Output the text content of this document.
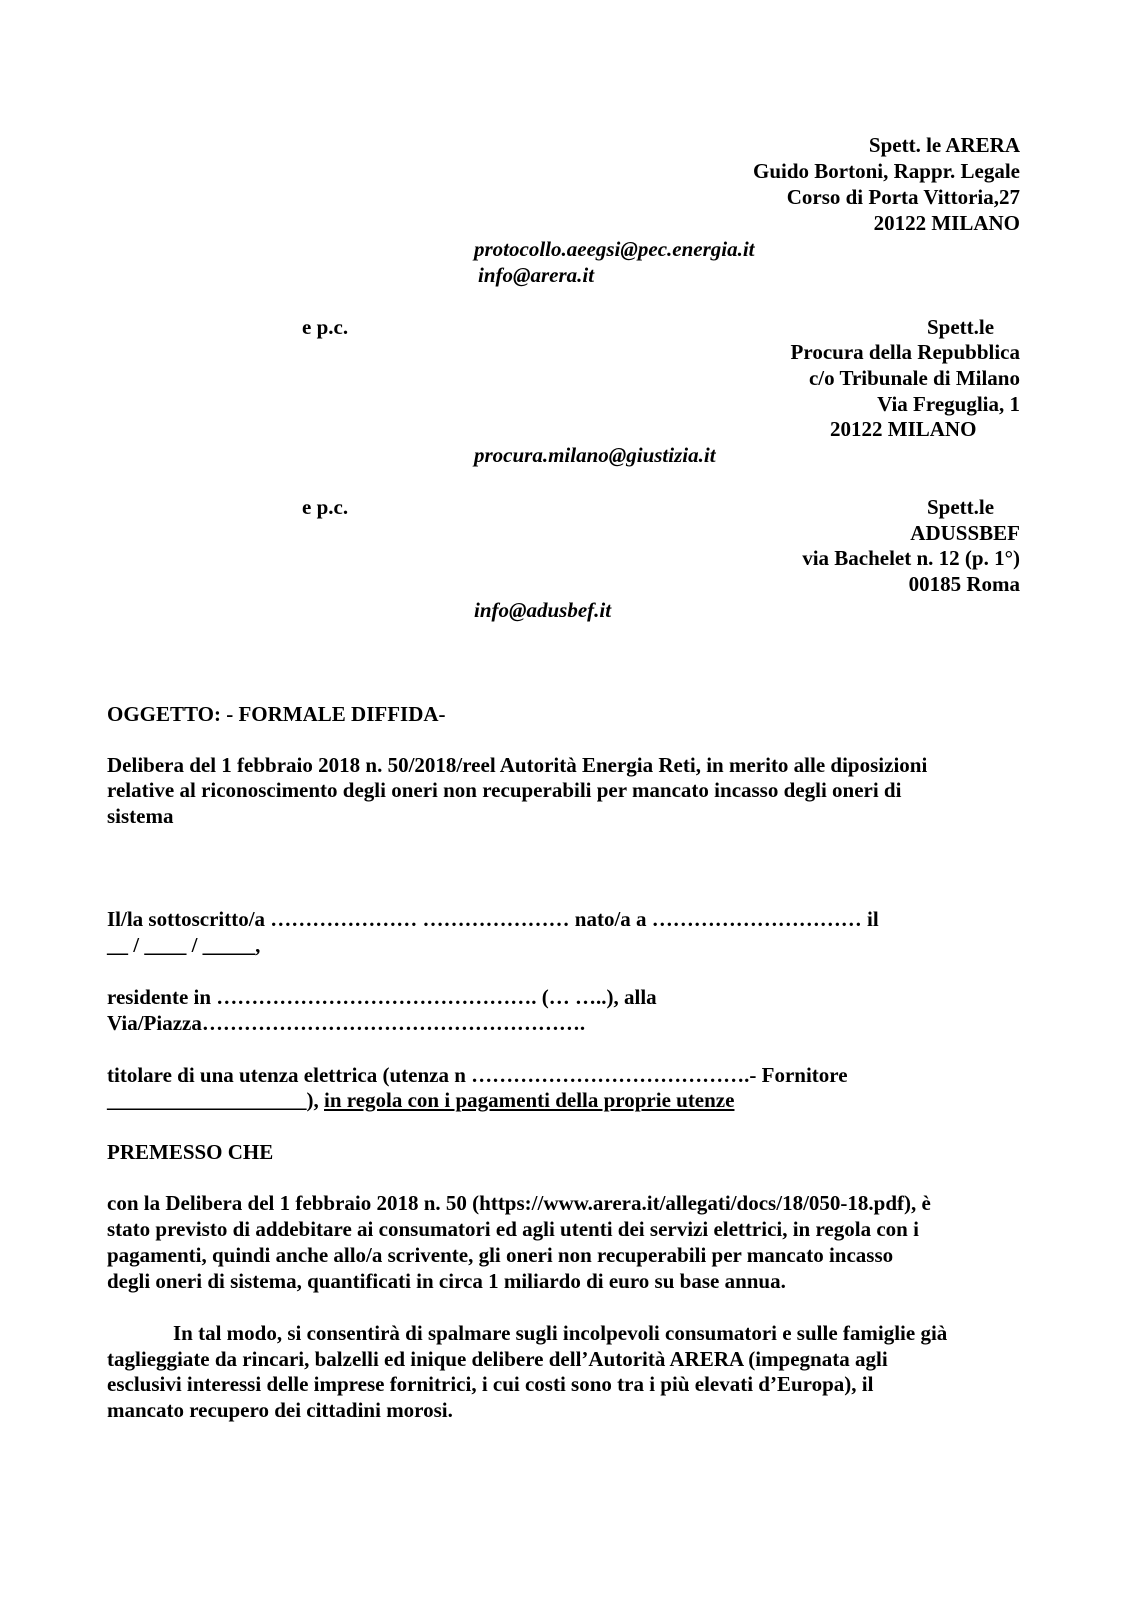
Spett. le ARERA
Guido Bortoni, Rappr. Legale
Corso di Porta Vittoria,27
20122 MILANO
protocollo.aeegsi@pec.energia.it
info@arera.it
e p.c.	Spett.le
Procura della Repubblica
c/o Tribunale di Milano
Via Freguglia, 1
20122 MILANO
procura.milano@giustizia.it
e p.c.	Spett.le
ADUSSBEF
via Bachelet n. 12 (p. 1°)
00185 Roma
info@adusbef.it
OGGETTO: - FORMALE DIFFIDA-
Delibera del 1 febbraio 2018 n. 50/2018/reel Autorità Energia Reti, in merito alle diposizioni
relative al riconoscimento degli oneri non recuperabili per mancato incasso degli oneri di
sistema
Il/la sottoscritto/a ………………… ………………… nato/a a ………………………… il
__ / ____ / _____,
residente in ………………………………………. (… …..), alla
Via/Piazza……………………………………………….
titolare di una utenza elettrica (utenza n ………………………………….- Fornitore
___________________), in regola con i pagamenti della proprie utenze
PREMESSO CHE
con la Delibera del 1 febbraio 2018 n. 50 (https://www.arera.it/allegati/docs/18/050-18.pdf), è
stato previsto di addebitare ai consumatori ed agli utenti dei servizi elettrici, in regola con i
pagamenti, quindi anche allo/a scrivente, gli oneri non recuperabili per mancato incasso
degli oneri di sistema, quantificati in circa 1 miliardo di euro su base annua.
In tal modo, si consentirà di spalmare sugli incolpevoli consumatori e sulle famiglie già
taglieggiate da rincari, balzelli ed inique delibere dell’Autorità ARERA (impegnata agli
esclusivi interessi delle imprese fornitrici, i cui costi sono tra i più elevati d’Europa), il
mancato recupero dei cittadini morosi.
